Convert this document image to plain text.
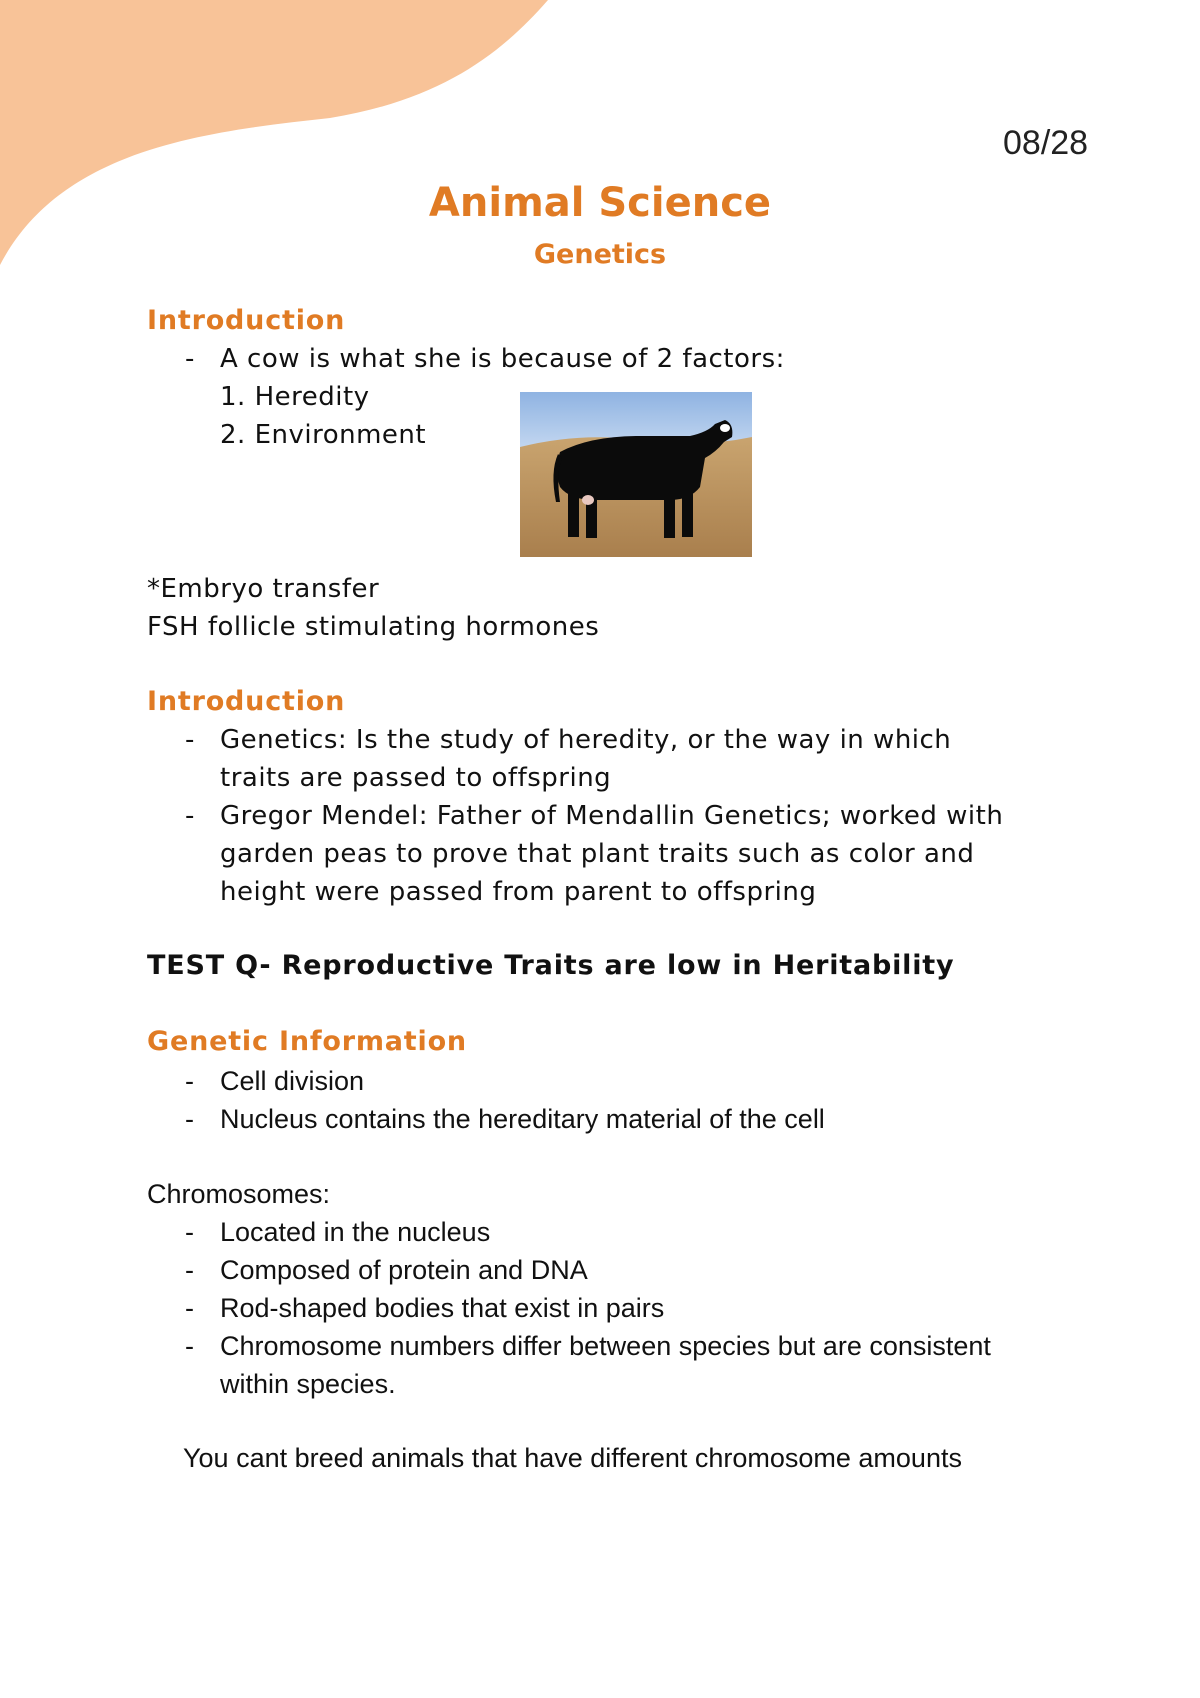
08/28
Animal Science
Genetics
Introduction
- A cow is what she is because of 2 factors:
1. Heredity
2. Environment
*Embryo transfer
FSH follicle stimulating hormones
Introduction
- Genetics: Is the study of heredity, or the way in which
traits are passed to offspring
- Gregor Mendel: Father of Mendallin Genetics; worked with
garden peas to prove that plant traits such as color and
height were passed from parent to offspring
TEST Q- Reproductive Traits are low in Heritability
Genetic Information
- Cell division
- Nucleus contains the hereditary material of the cell
Chromosomes:
- Located in the nucleus
- Composed of protein and DNA
- Rod-shaped bodies that exist in pairs
- Chromosome numbers differ between species but are consistent
within species.
You cant breed animals that have different chromosome amounts
